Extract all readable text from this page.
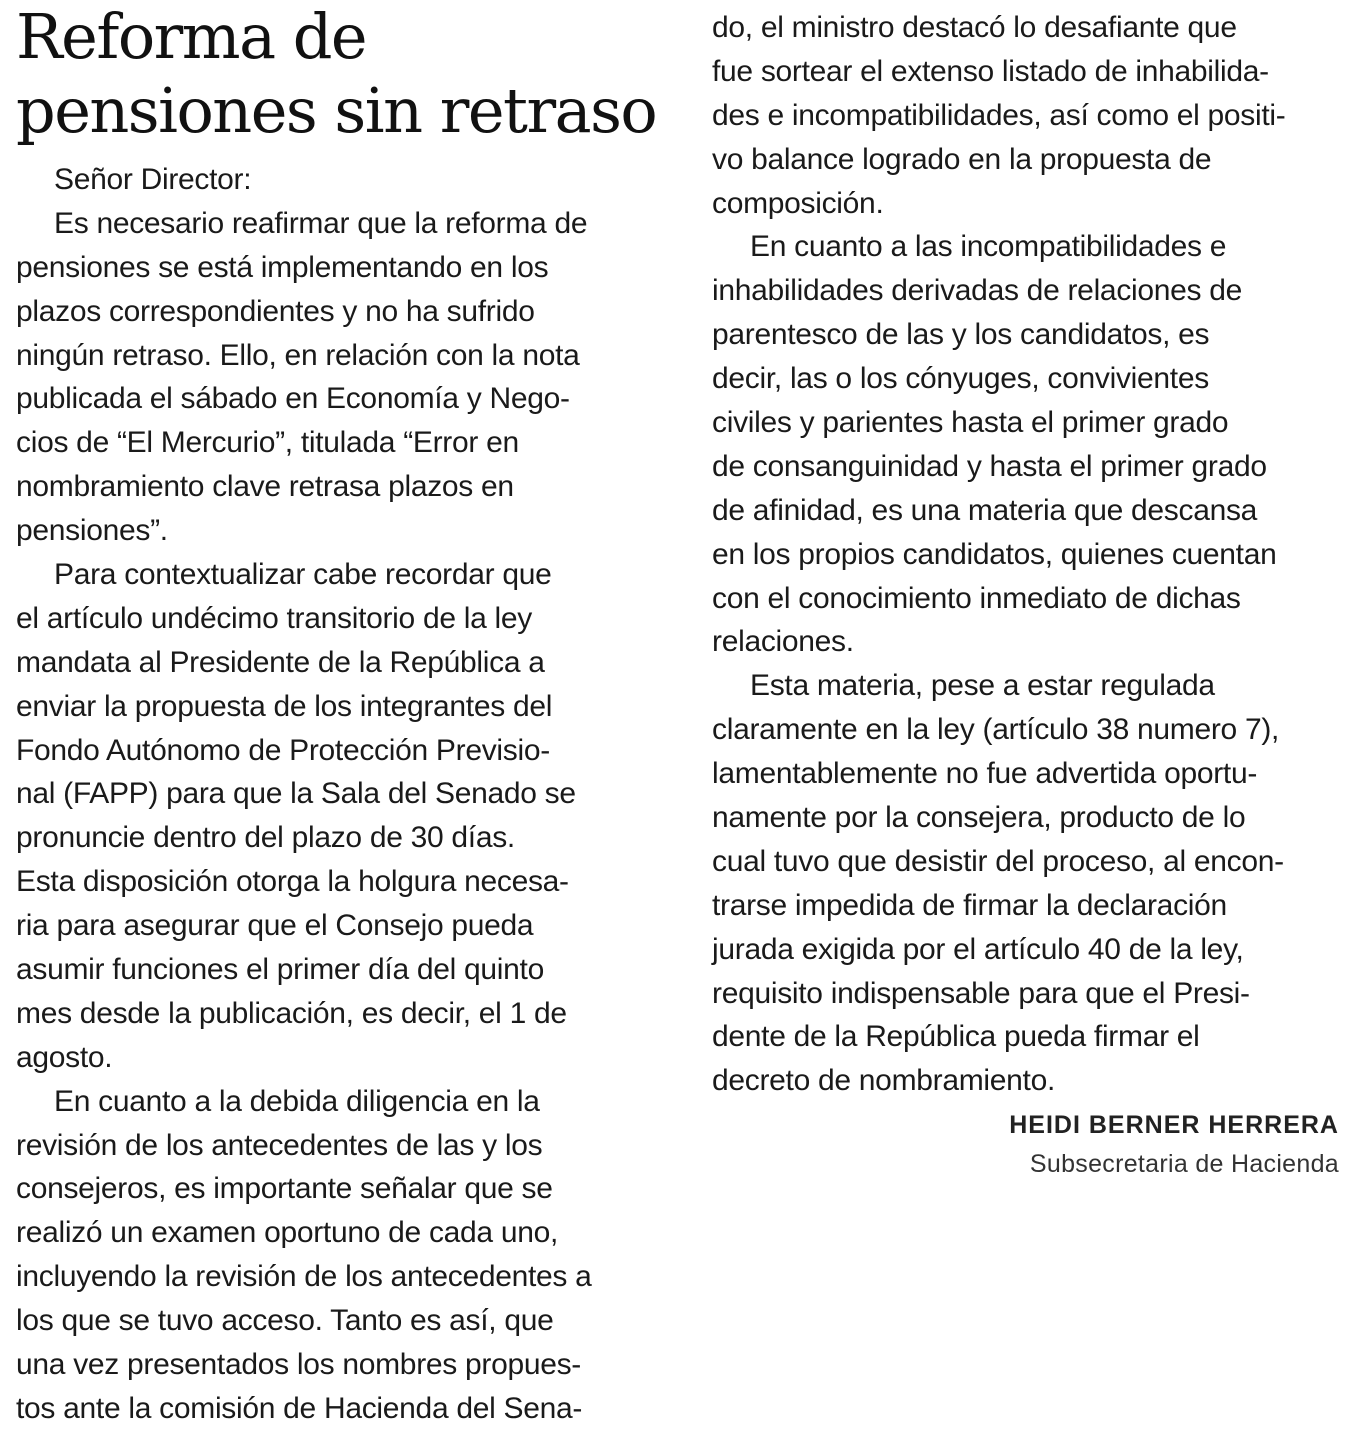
Reforma de
pensiones sin retraso
Señor Director:
Es necesario reafirmar que la reforma de
pensiones se está implementando en los
plazos correspondientes y no ha sufrido
ningún retraso. Ello, en relación con la nota
publicada el sábado en Economía y Nego-
cios de “El Mercurio”, titulada “Error en
nombramiento clave retrasa plazos en
pensiones”.
Para contextualizar cabe recordar que
el artículo undécimo transitorio de la ley
mandata al Presidente de la República a
enviar la propuesta de los integrantes del
Fondo Autónomo de Protección Previsio-
nal (FAPP) para que la Sala del Senado se
pronuncie dentro del plazo de 30 días.
Esta disposición otorga la holgura necesa-
ria para asegurar que el Consejo pueda
asumir funciones el primer día del quinto
mes desde la publicación, es decir, el 1 de
agosto.
En cuanto a la debida diligencia en la
revisión de los antecedentes de las y los
consejeros, es importante señalar que se
realizó un examen oportuno de cada uno,
incluyendo la revisión de los antecedentes a
los que se tuvo acceso. Tanto es así, que
una vez presentados los nombres propues-
tos ante la comisión de Hacienda del Sena-
do, el ministro destacó lo desafiante que
fue sortear el extenso listado de inhabilida-
des e incompatibilidades, así como el positi-
vo balance logrado en la propuesta de
composición.
En cuanto a las incompatibilidades e
inhabilidades derivadas de relaciones de
parentesco de las y los candidatos, es
decir, las o los cónyuges, convivientes
civiles y parientes hasta el primer grado
de consanguinidad y hasta el primer grado
de afinidad, es una materia que descansa
en los propios candidatos, quienes cuentan
con el conocimiento inmediato de dichas
relaciones.
Esta materia, pese a estar regulada
claramente en la ley (artículo 38 numero 7),
lamentablemente no fue advertida oportu-
namente por la consejera, producto de lo
cual tuvo que desistir del proceso, al encon-
trarse impedida de firmar la declaración
jurada exigida por el artículo 40 de la ley,
requisito indispensable para que el Presi-
dente de la República pueda firmar el
decreto de nombramiento.
HEIDI BERNER HERRERA
Subsecretaria de Hacienda
